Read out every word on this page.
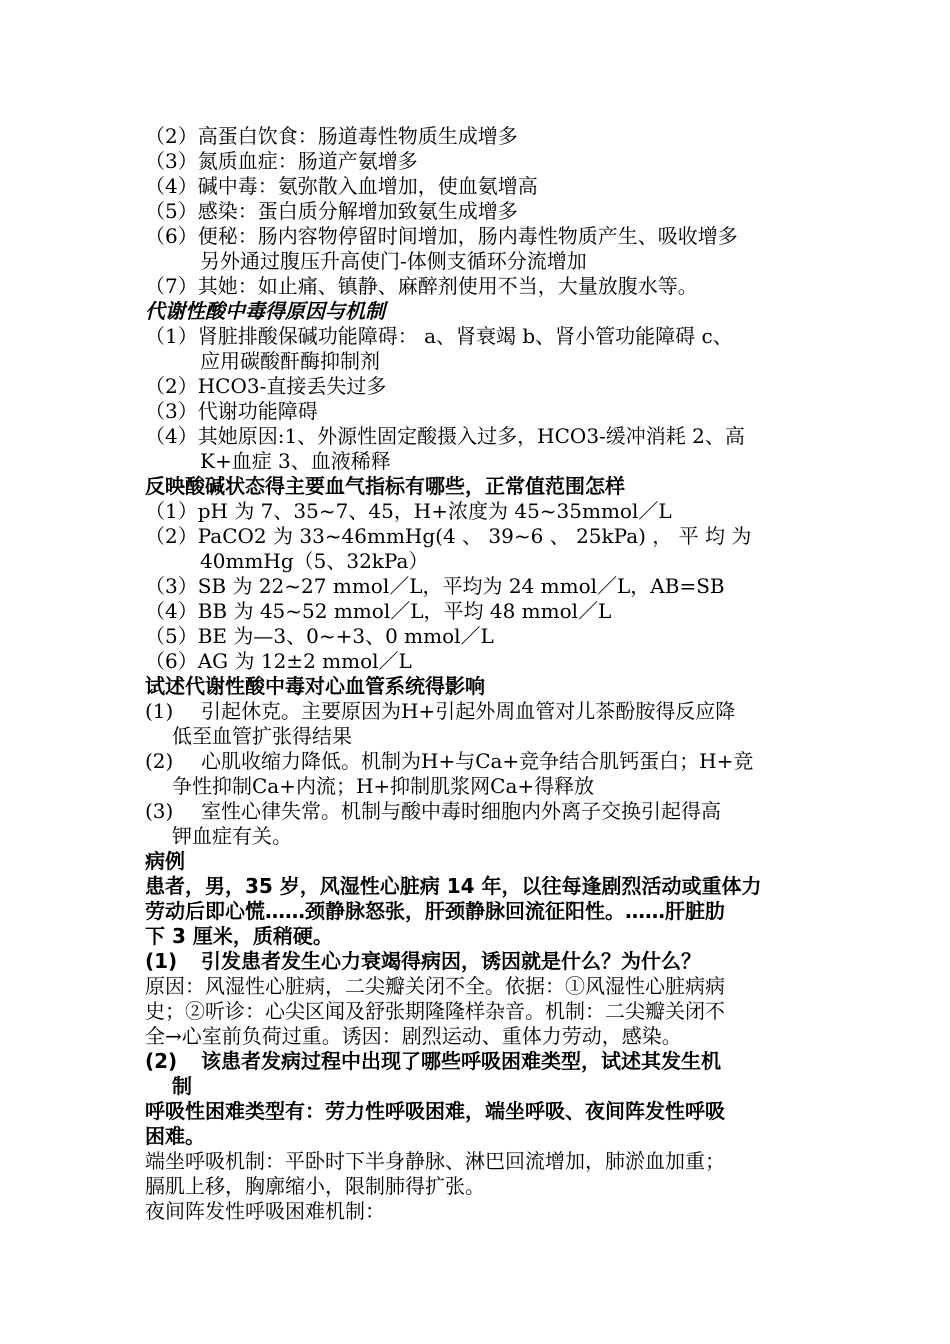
（2）高蛋白饮食：肠道毒性物质生成增多
（3）氮质血症：肠道产氨增多
（4）碱中毒：氨弥散入血增加，使血氨增高
（5）感染：蛋白质分解增加致氨生成增多
（6）便秘：肠内容物停留时间增加，肠内毒性物质产生、吸收增多
另外通过腹压升高使门-体侧支循环分流增加
（7）其她：如止痛、镇静、麻醉剂使用不当，大量放腹水等。
代谢性酸中毒得原因与机制
（1）肾脏排酸保碱功能障碍： a、肾衰竭 b、肾小管功能障碍 c、
应用碳酸酐酶抑制剂
（2）HCO3-直接丢失过多
（3）代谢功能障碍
（4）其她原因:1、外源性固定酸摄入过多，HCO3-缓冲消耗 2、高
K+血症 3、血液稀释
反映酸碱状态得主要血气指标有哪些，正常值范围怎样
（1）pH 为 7、35~7、45，H+浓度为 45~35mmol／L
（2）PaCO2 为 33~46mmHg(4 、 39~6 、 25kPa) ， 平 均 为
40mmHg（5、32kPa）
（3）SB 为 22~27 mmol／L，平均为 24 mmol／L，AB=SB
（4）BB 为 45~52 mmol／L，平均 48 mmol／L
（5）BE 为—3、0~+3、0 mmol／L
（6）AG 为 12±2 mmol／L
试述代谢性酸中毒对心血管系统得影响
(1) 引起休克。主要原因为H+引起外周血管对儿茶酚胺得反应降
低至血管扩张得结果
(2) 心肌收缩力降低。机制为H+与Ca+竞争结合肌钙蛋白；H+竞
争性抑制Ca+内流；H+抑制肌浆网Ca+得释放
(3) 室性心律失常。机制与酸中毒时细胞内外离子交换引起得高
钾血症有关。
病例
患者，男，35 岁，风湿性心脏病 14 年，以往每逢剧烈活动或重体力
劳动后即心慌……颈静脉怒张，肝颈静脉回流征阳性。……肝脏肋
下 3 厘米，质稍硬。
(1) 引发患者发生心力衰竭得病因，诱因就是什么？为什么？
原因：风湿性心脏病，二尖瓣关闭不全。依据：①风湿性心脏病病
史；②听诊：心尖区闻及舒张期隆隆样杂音。机制：二尖瓣关闭不
全→心室前负荷过重。诱因：剧烈运动、重体力劳动，感染。
(2) 该患者发病过程中出现了哪些呼吸困难类型，试述其发生机
制
呼吸性困难类型有：劳力性呼吸困难，端坐呼吸、夜间阵发性呼吸
困难。
端坐呼吸机制：平卧时下半身静脉、淋巴回流增加，肺淤血加重；
膈肌上移，胸廓缩小，限制肺得扩张。
夜间阵发性呼吸困难机制：
